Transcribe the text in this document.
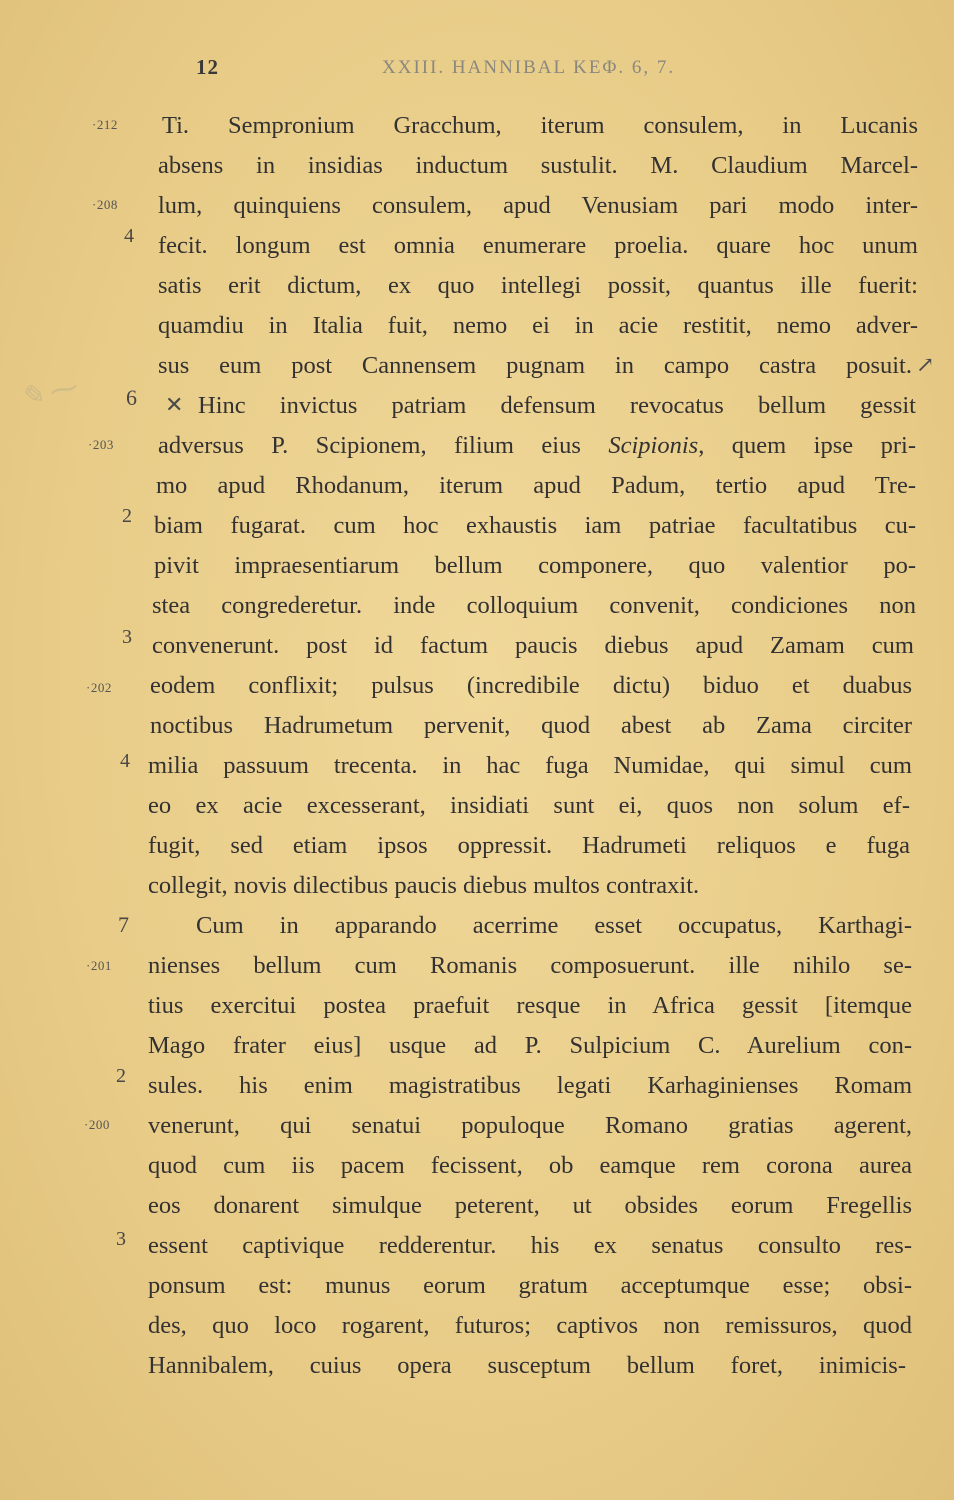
12	XXIII. HANNIBAL ΚΕΦ. 6, 7.
✎ ⁓
·212
·208
·203
·202
·201
·200
4
6
2
3
4
7
2
3
✕
↗
Ti. Sempronium Gracchum, iterum consulem, in Lucanis
absens in insidias inductum sustulit. M. Claudium Marcel-
lum, quinquiens consulem, apud Venusiam pari modo inter-
fecit. longum est omnia enumerare proelia. quare hoc unum
satis erit dictum, ex quo intellegi possit, quantus ille fuerit:
quamdiu in Italia fuit, nemo ei in acie restitit, nemo adver-
sus eum post Cannensem pugnam in campo castra posuit.
Hinc invictus patriam defensum revocatus bellum gessit
adversus P. Scipionem, filium eius Scipionis, quem ipse pri-
mo apud Rhodanum, iterum apud Padum, tertio apud Tre-
biam fugarat. cum hoc exhaustis iam patriae facultatibus cu-
pivit impraesentiarum bellum componere, quo valentior po-
stea congrederetur. inde colloquium convenit, condiciones non
convenerunt. post id factum paucis diebus apud Zamam cum
eodem conflixit; pulsus (incredibile dictu) biduo et duabus
noctibus Hadrumetum pervenit, quod abest ab Zama circiter
milia passuum trecenta. in hac fuga Numidae, qui simul cum
eo ex acie excesserant, insidiati sunt ei, quos non solum ef-
fugit, sed etiam ipsos oppressit. Hadrumeti reliquos e fuga
collegit, novis dilectibus paucis diebus multos contraxit.
Cum in apparando acerrime esset occupatus, Karthagi-
nienses bellum cum Romanis composuerunt. ille nihilo se-
tius exercitui postea praefuit resque in Africa gessit [itemque
Mago frater eius] usque ad P. Sulpicium C. Aurelium con-
sules. his enim magistratibus legati Karhaginienses Romam
venerunt, qui senatui populoque Romano gratias agerent,
quod cum iis pacem fecissent, ob eamque rem corona aurea
eos donarent simulque peterent, ut obsides eorum Fregellis
essent captivique redderentur. his ex senatus consulto res-
ponsum est: munus eorum gratum acceptumque esse; obsi-
des, quo loco rogarent, futuros; captivos non remissuros, quod
Hannibalem, cuius opera susceptum bellum foret, inimicis-
